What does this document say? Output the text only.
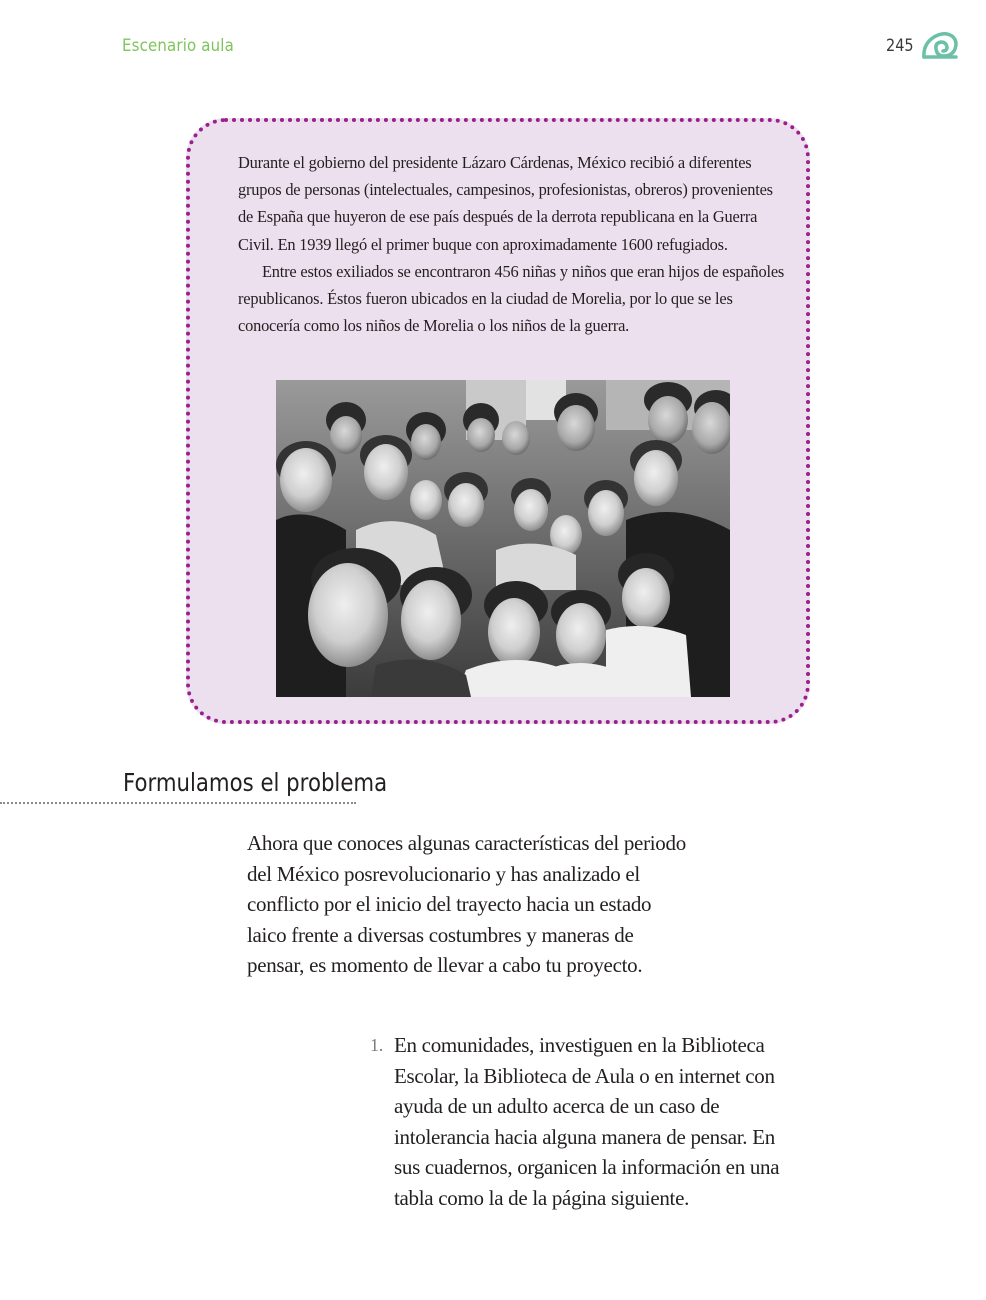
Escenario aula	245

Durante el gobierno del presidente Lázaro Cárdenas, México recibió a diferentes grupos de personas (intelectuales, campesinos, profesionistas, obreros) provenientes de España que huyeron de ese país después de la derrota republicana en la Guerra Civil. En 1939 llegó el primer buque con aproximadamente 1600 refugiados.

Entre estos exiliados se encontraron 456 niñas y niños que eran hijos de españoles republicanos. Éstos fueron ubicados en la ciudad de Morelia, por lo que se les conocería como los niños de Morelia o los niños de la guerra.

Formulamos el problema

Ahora que conoces algunas características del periodo del México posrevolucionario y has analizado el conflicto por el inicio del trayecto hacia un estado laico frente a diversas costumbres y maneras de pensar, es momento de llevar a cabo tu proyecto.

1. En comunidades, investiguen en la Biblioteca Escolar, la Biblioteca de Aula o en internet con ayuda de un adulto acerca de un caso de intolerancia hacia alguna manera de pensar. En sus cuadernos, organicen la información en una tabla como la de la página siguiente.
